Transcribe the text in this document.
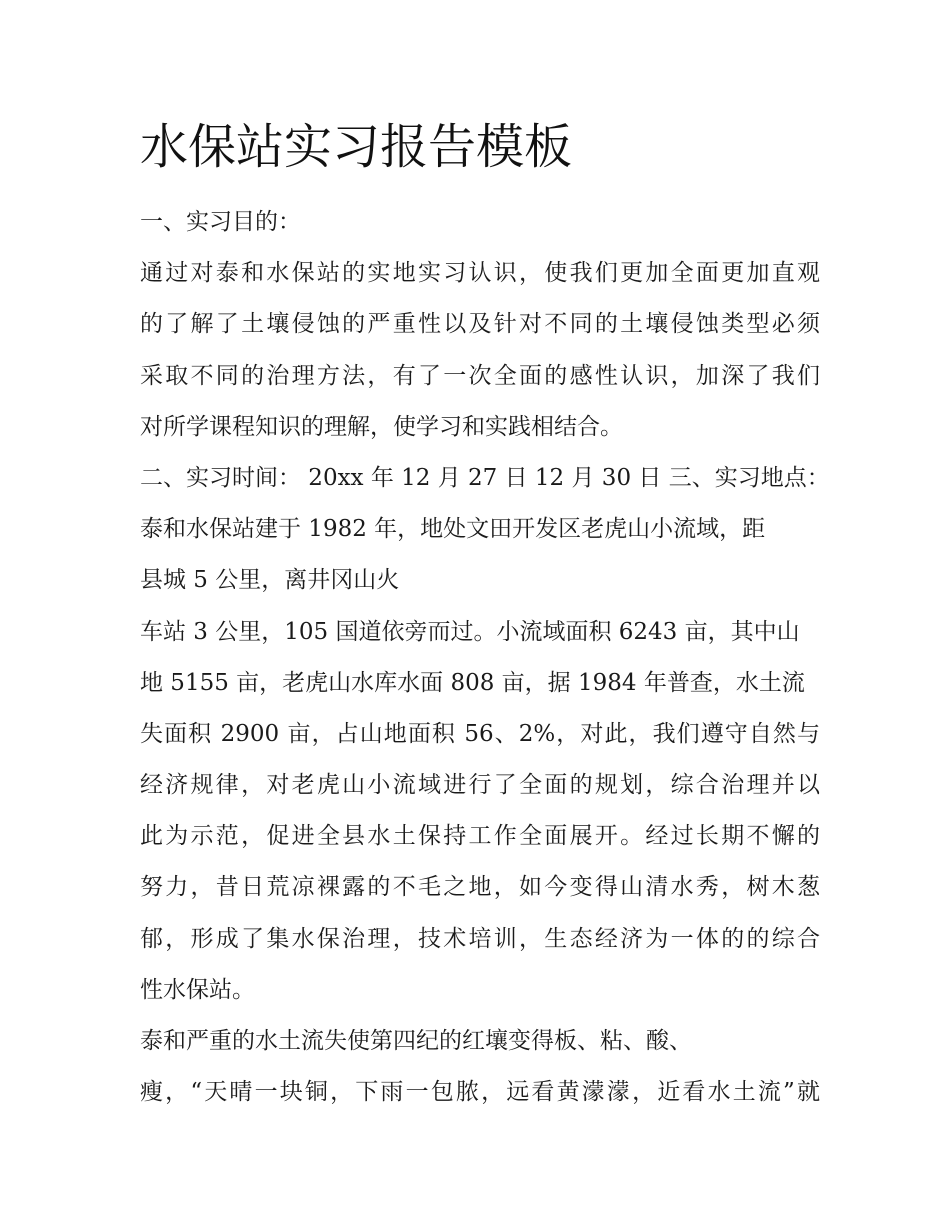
水保站实习报告模板
一、实习目的：
通过对泰和水保站的实地实习认识，使我们更加全面更加直观
的了解了土壤侵蚀的严重性以及针对不同的土壤侵蚀类型必须
采取不同的治理方法，有了一次全面的感性认识，加深了我们
对所学课程知识的理解，使学习和实践相结合。
二、实习时间： 20xx 年 12 月 27 日 12 月 30 日 三、实习地点：
泰和水保站建于 1982 年，地处文田开发区老虎山小流域，距
县城 5 公里，离井冈山火
车站 3 公里，105 国道依旁而过。小流域面积 6243 亩，其中山
地 5155 亩，老虎山水库水面 808 亩，据 1984 年普查，水土流
失面积 2900 亩，占山地面积 56、2%，对此，我们遵守自然与
经济规律，对老虎山小流域进行了全面的规划，综合治理并以
此为示范，促进全县水土保持工作全面展开。经过长期不懈的
努力，昔日荒凉裸露的不毛之地，如今变得山清水秀，树木葱
郁，形成了集水保治理，技术培训，生态经济为一体的的综合
性水保站。
泰和严重的水土流失使第四纪的红壤变得板、粘、酸、
瘦，“天晴一块铜，下雨一包脓，远看黄濛濛，近看水土流”就
